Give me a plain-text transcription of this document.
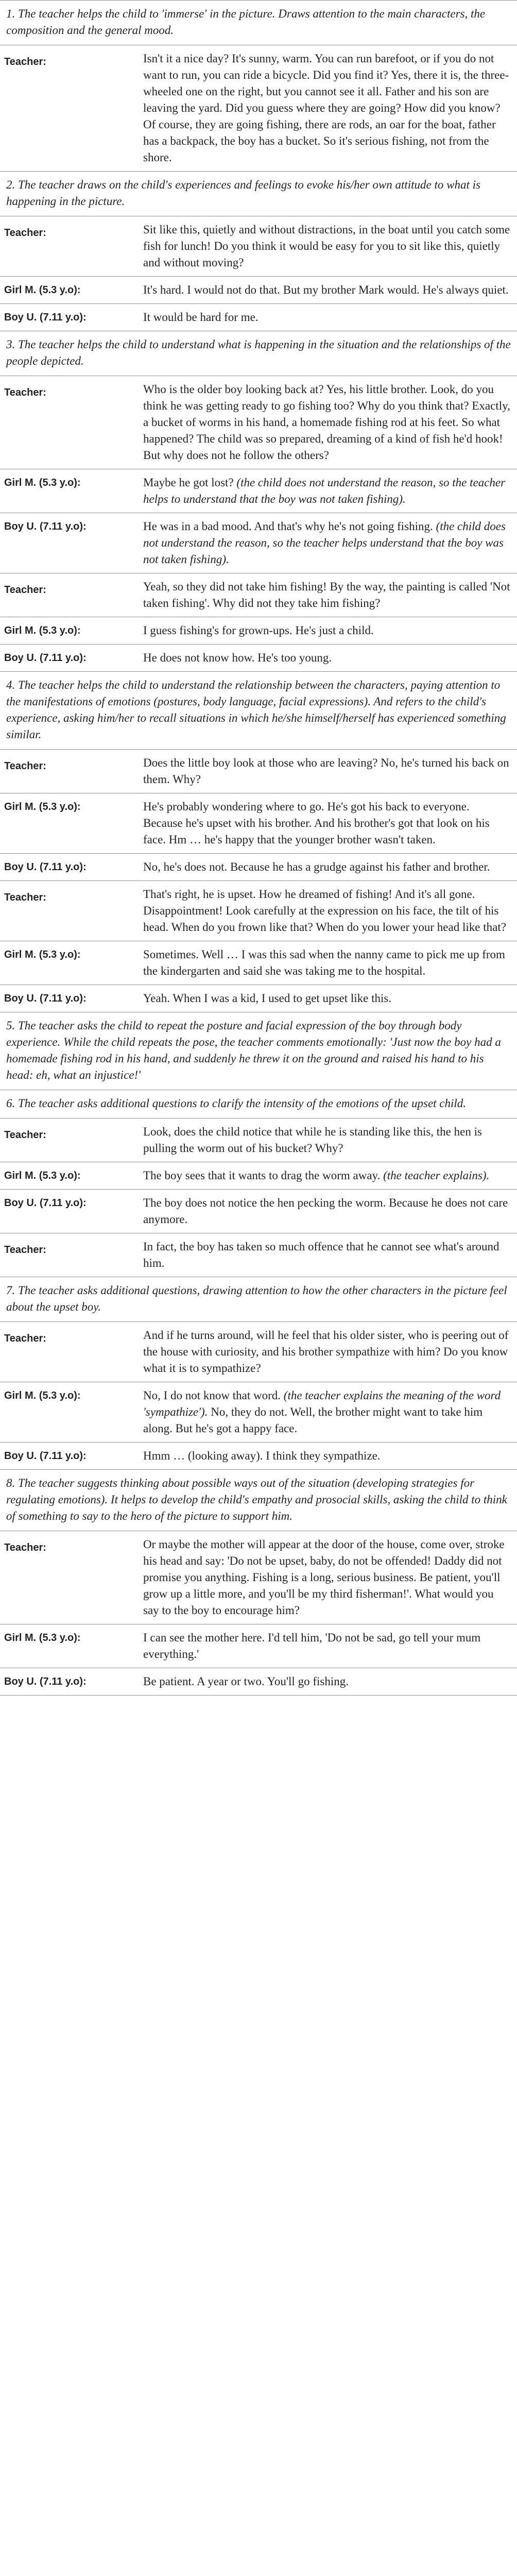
1. The teacher helps the child to 'immerse' in the picture. Draws attention to the main characters, the composition and the general mood.	
Teacher:	Isn't it a nice day? It's sunny, warm. You can run barefoot, or if you do not want to run, you can ride a bicycle. Did you find it? Yes, there it is, the three-wheeled one on the right, but you cannot see it all. Father and his son are leaving the yard. Did you guess where they are going? How did you know? Of course, they are going fishing, there are rods, an oar for the boat, father has a backpack, the boy has a bucket. So it's serious fishing, not from the shore.
2. The teacher draws on the child's experiences and feelings to evoke his/her own attitude to what is happening in the picture.	
Teacher:	Sit like this, quietly and without distractions, in the boat until you catch some fish for lunch! Do you think it would be easy for you to sit like this, quietly and without moving?
Girl M. (5.3 y.o):	It's hard. I would not do that. But my brother Mark would. He's always quiet.
Boy U. (7.11 y.o):	It would be hard for me.
3. The teacher helps the child to understand what is happening in the situation and the relationships of the people depicted.	
Teacher:	Who is the older boy looking back at? Yes, his little brother. Look, do you think he was getting ready to go fishing too? Why do you think that? Exactly, a bucket of worms in his hand, a homemade fishing rod at his feet. So what happened? The child was so prepared, dreaming of a kind of fish he'd hook! But why does not he follow the others?
Girl M. (5.3 y.o):	Maybe he got lost? (the child does not understand the reason, so the teacher helps to understand that the boy was not taken fishing).
Boy U. (7.11 y.o):	He was in a bad mood. And that's why he's not going fishing. (the child does not understand the reason, so the teacher helps understand that the boy was not taken fishing).
Teacher:	Yeah, so they did not take him fishing! By the way, the painting is called 'Not taken fishing'. Why did not they take him fishing?
Girl M. (5.3 y.o):	I guess fishing's for grown-ups. He's just a child.
Boy U. (7.11 y.o):	He does not know how. He's too young.
4. The teacher helps the child to understand the relationship between the characters, paying attention to the manifestations of emotions (postures, body language, facial expressions). And refers to the child's experience, asking him/her to recall situations in which he/she himself/herself has experienced something similar.	
Teacher:	Does the little boy look at those who are leaving? No, he's turned his back on them. Why?
Girl M. (5.3 y.o):	He's probably wondering where to go. He's got his back to everyone. Because he's upset with his brother. And his brother's got that look on his face. Hm … he's happy that the younger brother wasn't taken.
Boy U. (7.11 y.o):	No, he's does not. Because he has a grudge against his father and brother.
Teacher:	That's right, he is upset. How he dreamed of fishing! And it's all gone. Disappointment! Look carefully at the expression on his face, the tilt of his head. When do you frown like that? When do you lower your head like that?
Girl M. (5.3 y.o):	Sometimes. Well … I was this sad when the nanny came to pick me up from the kindergarten and said she was taking me to the hospital.
Boy U. (7.11 y.o):	Yeah. When I was a kid, I used to get upset like this.
5. The teacher asks the child to repeat the posture and facial expression of the boy through body experience. While the child repeats the pose, the teacher comments emotionally: 'Just now the boy had a homemade fishing rod in his hand, and suddenly he threw it on the ground and raised his hand to his head: eh, what an injustice!'	
6. The teacher asks additional questions to clarify the intensity of the emotions of the upset child.	
Teacher:	Look, does the child notice that while he is standing like this, the hen is pulling the worm out of his bucket? Why?
Girl M. (5.3 y.o):	The boy sees that it wants to drag the worm away. (the teacher explains).
Boy U. (7.11 y.o):	The boy does not notice the hen pecking the worm. Because he does not care anymore.
Teacher:	In fact, the boy has taken so much offence that he cannot see what's around him.
7. The teacher asks additional questions, drawing attention to how the other characters in the picture feel about the upset boy.	
Teacher:	And if he turns around, will he feel that his older sister, who is peering out of the house with curiosity, and his brother sympathize with him? Do you know what it is to sympathize?
Girl M. (5.3 y.o):	No, I do not know that word. (the teacher explains the meaning of the word 'sympathize'). No, they do not. Well, the brother might want to take him along. But he's got a happy face.
Boy U. (7.11 y.o):	Hmm … (looking away). I think they sympathize.
8. The teacher suggests thinking about possible ways out of the situation (developing strategies for regulating emotions). It helps to develop the child's empathy and prosocial skills, asking the child to think of something to say to the hero of the picture to support him.	
Teacher:	Or maybe the mother will appear at the door of the house, come over, stroke his head and say: 'Do not be upset, baby, do not be offended! Daddy did not promise you anything. Fishing is a long, serious business. Be patient, you'll grow up a little more, and you'll be my third fisherman!'. What would you say to the boy to encourage him?
Girl M. (5.3 y.o):	I can see the mother here. I'd tell him, 'Do not be sad, go tell your mum everything.'
Boy U. (7.11 y.o):	Be patient. A year or two. You'll go fishing.
